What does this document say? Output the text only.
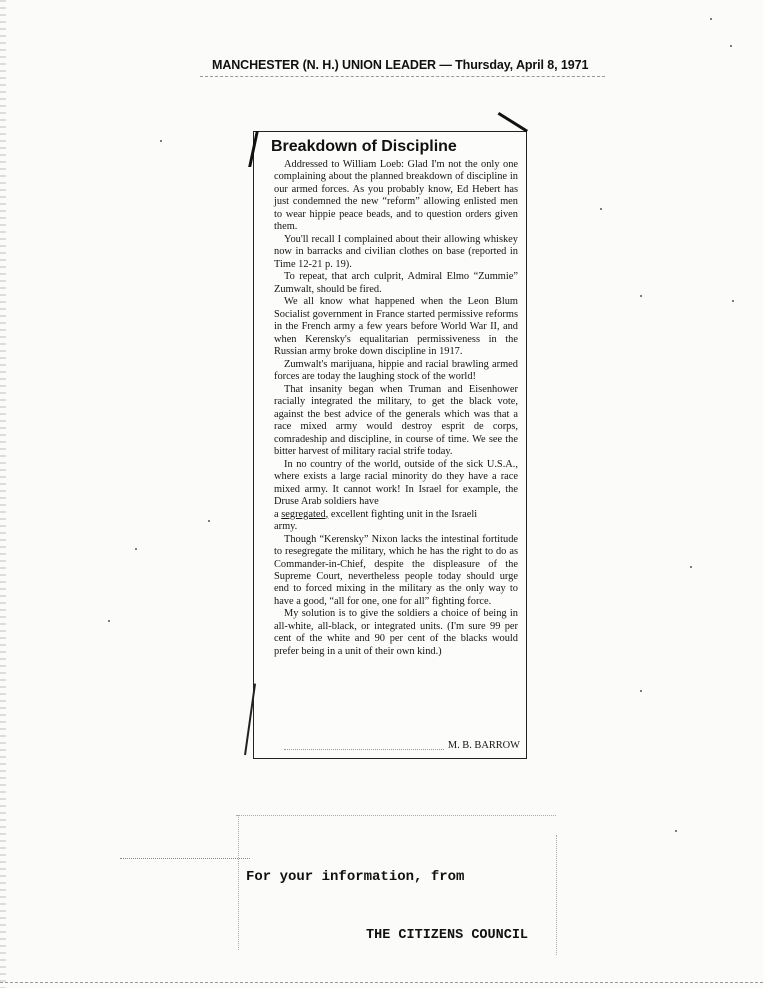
MANCHESTER (N. H.) UNION LEADER — Thursday, April 8, 1971
Breakdown of Discipline

Addressed to William Loeb: Glad I'm not the only one complaining about the planned breakdown of discipline in our armed forces. As you probably know, Ed Hebert has just condemned the new “reform” allowing enlisted men to wear hippie peace beads, and to question orders given them.

You'll recall I complained about their allowing whiskey now in barracks and civilian clothes on base (reported in Time 12-21 p. 19).

To repeat, that arch culprit, Admiral Elmo “Zummie” Zumwalt, should be fired.

We all know what happened when the Leon Blum Socialist government in France started permissive reforms in the French army a few years before World War II, and when Kerensky's equalitarian permissiveness in the Russian army broke down discipline in 1917.

Zumwalt's marijuana, hippie and racial brawling armed forces are today the laughing stock of the world!

That insanity began when Truman and Eisenhower racially integrated the military, to get the black vote, against the best advice of the generals which was that a race mixed army would destroy esprit de corps, comradeship and discipline, in course of time. We see the bitter harvest of military racial strife today.

In no country of the world, outside of the sick U.S.A., where exists a large racial minority do they have a race mixed army. It cannot work! In Israel for example, the Druse Arab soldiers have

a segregated, excellent fighting unit in the Israeli

army.

Though “Kerensky” Nixon lacks the intestinal fortitude to resegregate the military, which he has the right to do as Commander-in-Chief, despite the displeasure of the Supreme Court, nevertheless people today should urge end to forced mixing in the military as the only way to have a good, “all for one, one for all” fighting force.

My solution is to give the soldiers a choice of being in all-white, all-black, or integrated units. (I'm sure 99 per cent of the white and 90 per cent of the blacks would prefer being in a unit of their own kind.)

M. B. BARROW
For your information, from
THE CITIZENS COUNCIL
